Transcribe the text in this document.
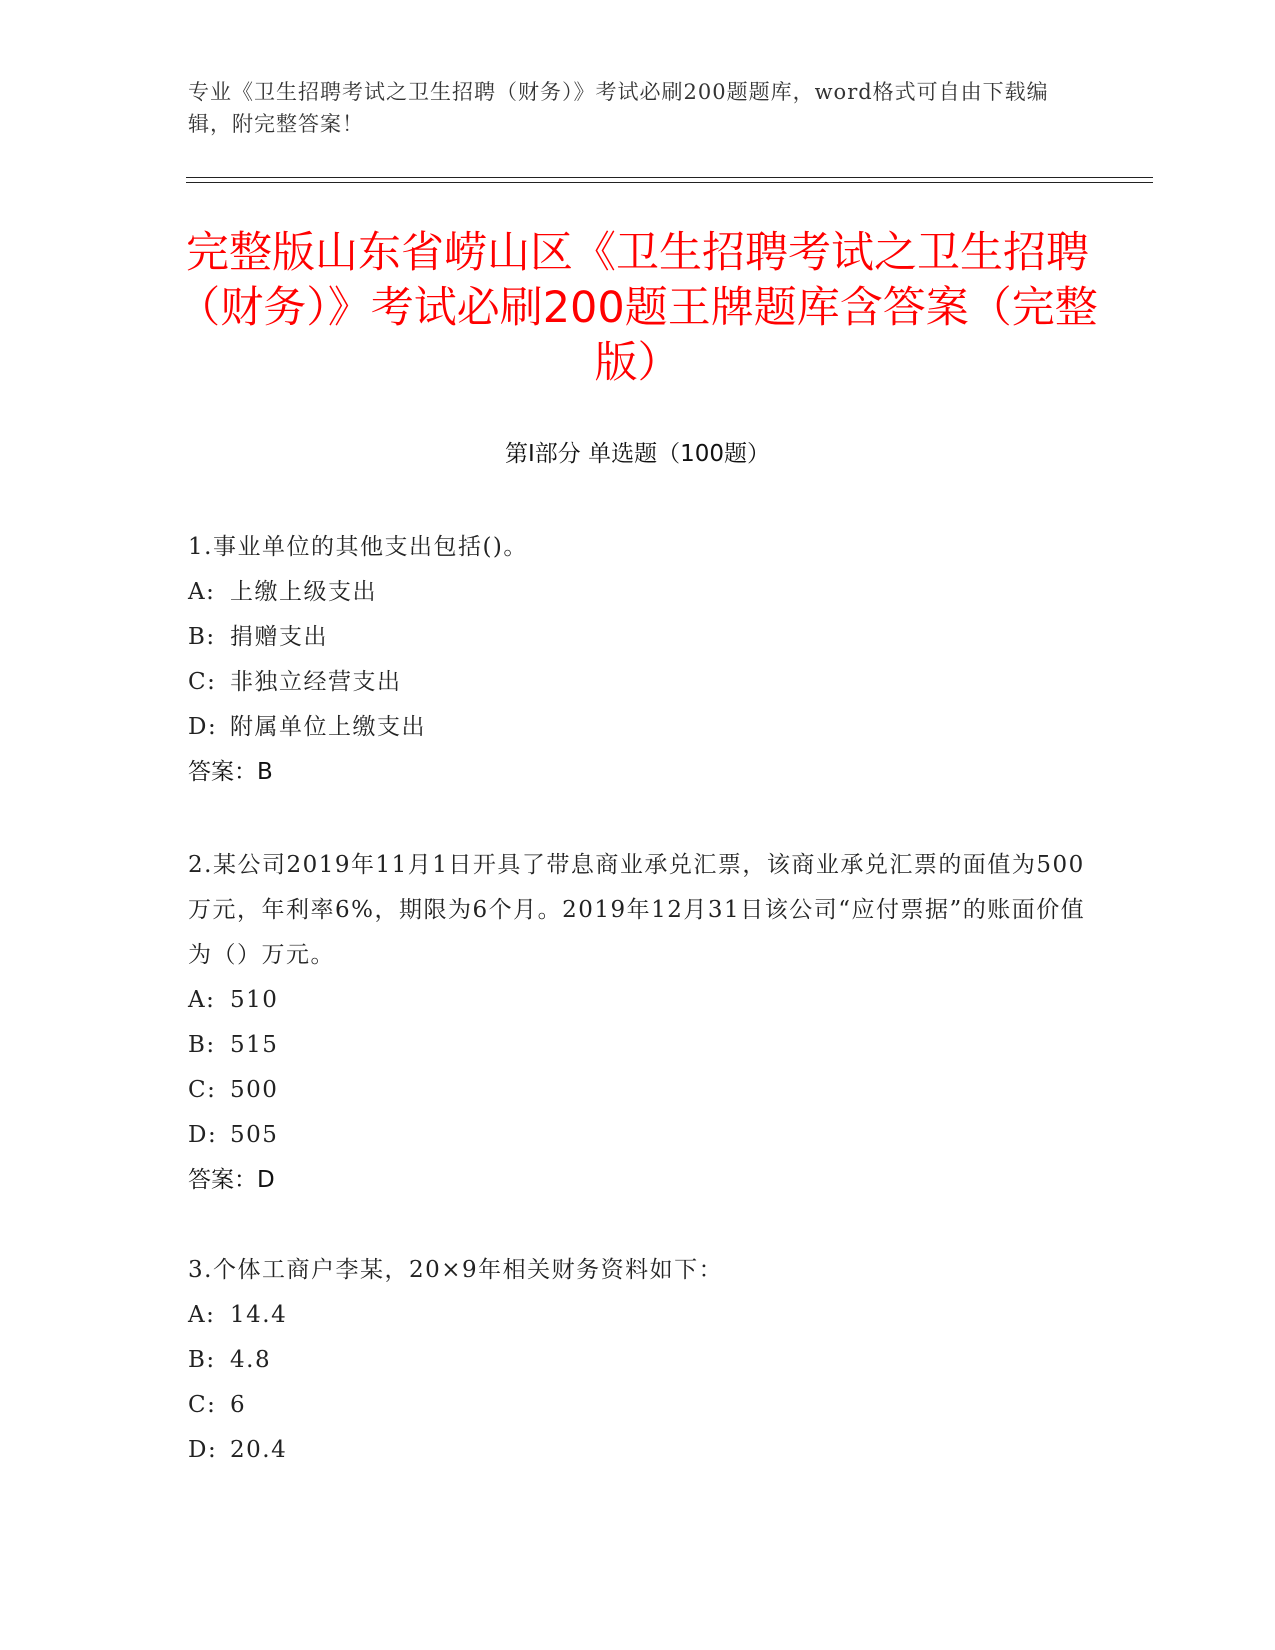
专业《卫生招聘考试之卫生招聘（财务）》考试必刷200题题库，word格式可自由下载编辑，附完整答案！
完整版山东省崂山区《卫生招聘考试之卫生招聘（财务）》考试必刷200题王牌题库含答案（完整版）
第I部分 单选题（100题）

1.事业单位的其他支出包括()。

A: 上缴上级支出

B: 捐赠支出

C: 非独立经营支出

D: 附属单位上缴支出

答案：B

2.某公司2019年11月1日开具了带息商业承兑汇票，该商业承兑汇票的面值为500万元，年利率6%，期限为6个月。2019年12月31日该公司“应付票据”的账面价值为（）万元。

A: 510

B: 515

C: 500

D: 505

答案：D

3.个体工商户李某，20×9年相关财务资料如下：

A: 14.4

B: 4.8

C: 6

D: 20.4
